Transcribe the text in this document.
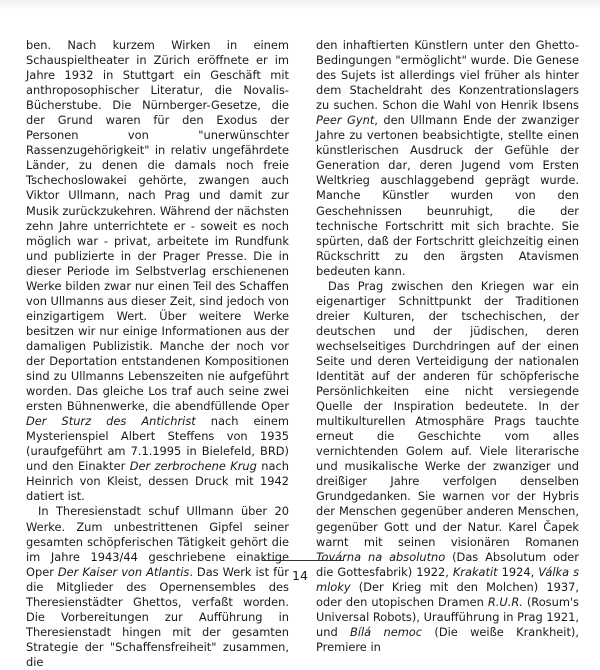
ben. Nach kurzem Wirken in einem Schauspieltheater in Zürich eröffnete er im Jahre 1932 in Stuttgart ein Geschäft mit anthroposophischer Literatur, die Novalis-Bücherstube. Die Nürnberger-Gesetze, die der Grund waren für den Exodus der Personen von "unerwünschter Rassenzugehörigkeit" in relativ ungefährdete Länder, zu denen die damals noch freie Tschechoslowakei gehörte, zwangen auch Viktor Ullmann, nach Prag und damit zur Musik zurückzukehren. Während der nächsten zehn Jahre unterrichtete er - soweit es noch möglich war - privat, arbeitete im Rundfunk und publizierte in der Prager Presse. Die in dieser Periode im Selbstverlag erschienenen Werke bilden zwar nur einen Teil des Schaffen von Ullmanns aus dieser Zeit, sind jedoch von einzigartigem Wert. Über weitere Werke besitzen wir nur einige Informationen aus der damaligen Publizistik. Manche der noch vor der Deportation entstandenen Kompositionen sind zu Ullmanns Lebenszeiten nie aufgeführt worden. Das gleiche Los traf auch seine zwei ersten Bühnenwerke, die abendfüllende Oper Der Sturz des Antichrist nach einem Mysterienspiel Albert Steffens von 1935 (uraufgeführt am 7.1.1995 in Bielefeld, BRD) und den Einakter Der zerbrochene Krug nach Heinrich von Kleist, dessen Druck mit 1942 datiert ist.

In Theresienstadt schuf Ullmann über 20 Werke. Zum unbestrittenen Gipfel seiner gesamten schöpferischen Tätigkeit gehört die im Jahre 1943/44 geschriebene einaktige Oper Der Kaiser von Atlantis. Das Werk ist für die Mitglieder des Opernensembles des Theresienstädter Ghettos, verfaßt worden. Die Vorbereitungen zur Aufführung in Theresienstadt hingen mit der gesamten Strategie der "Schaffensfreiheit" zusammen, die

den inhaftierten Künstlern unter den Ghetto-Bedingungen "ermöglicht" wurde. Die Genese des Sujets ist allerdings viel früher als hinter dem Stacheldraht des Konzentrationslagers zu suchen. Schon die Wahl von Henrik Ibsens Peer Gynt, den Ullmann Ende der zwanziger Jahre zu vertonen beabsichtigte, stellte einen künstlerischen Ausdruck der Gefühle der Generation dar, deren Jugend vom Ersten Weltkrieg auschlaggebend geprägt wurde. Manche Künstler wurden von den Geschehnissen beunruhigt, die der technische Fortschritt mit sich brachte. Sie spürten, daß der Fortschritt gleichzeitig einen Rückschritt zu den ärgsten Atavismen bedeuten kann.

Das Prag zwischen den Kriegen war ein eigenartiger Schnittpunkt der Traditionen dreier Kulturen, der tschechischen, der deutschen und der jüdischen, deren wechselseitiges Durchdringen auf der einen Seite und deren Verteidigung der nationalen Identität auf der anderen für schöpferische Persönlichkeiten eine nicht versiegende Quelle der Inspiration bedeutete. In der multikulturellen Atmosphäre Prags tauchte erneut die Geschichte vom alles vernichtenden Golem auf. Viele literarische und musikalische Werke der zwanziger und dreißiger Jahre verfolgen denselben Grundgedanken. Sie warnen vor der Hybris der Menschen gegenüber anderen Menschen, gegenüber Gott und der Natur. Karel Čapek warnt mit seinen visionären Romanen Továrna na absolutno (Das Absolutum oder die Gottesfabrik) 1922, Krakatit 1924, Válka s mloky (Der Krieg mit den Molchen) 1937, oder den utopischen Dramen R.U.R. (Rosum's Universal Robots), Uraufführung in Prag 1921, und Bílá nemoc (Die weiße Krankheit), Premiere in

14
